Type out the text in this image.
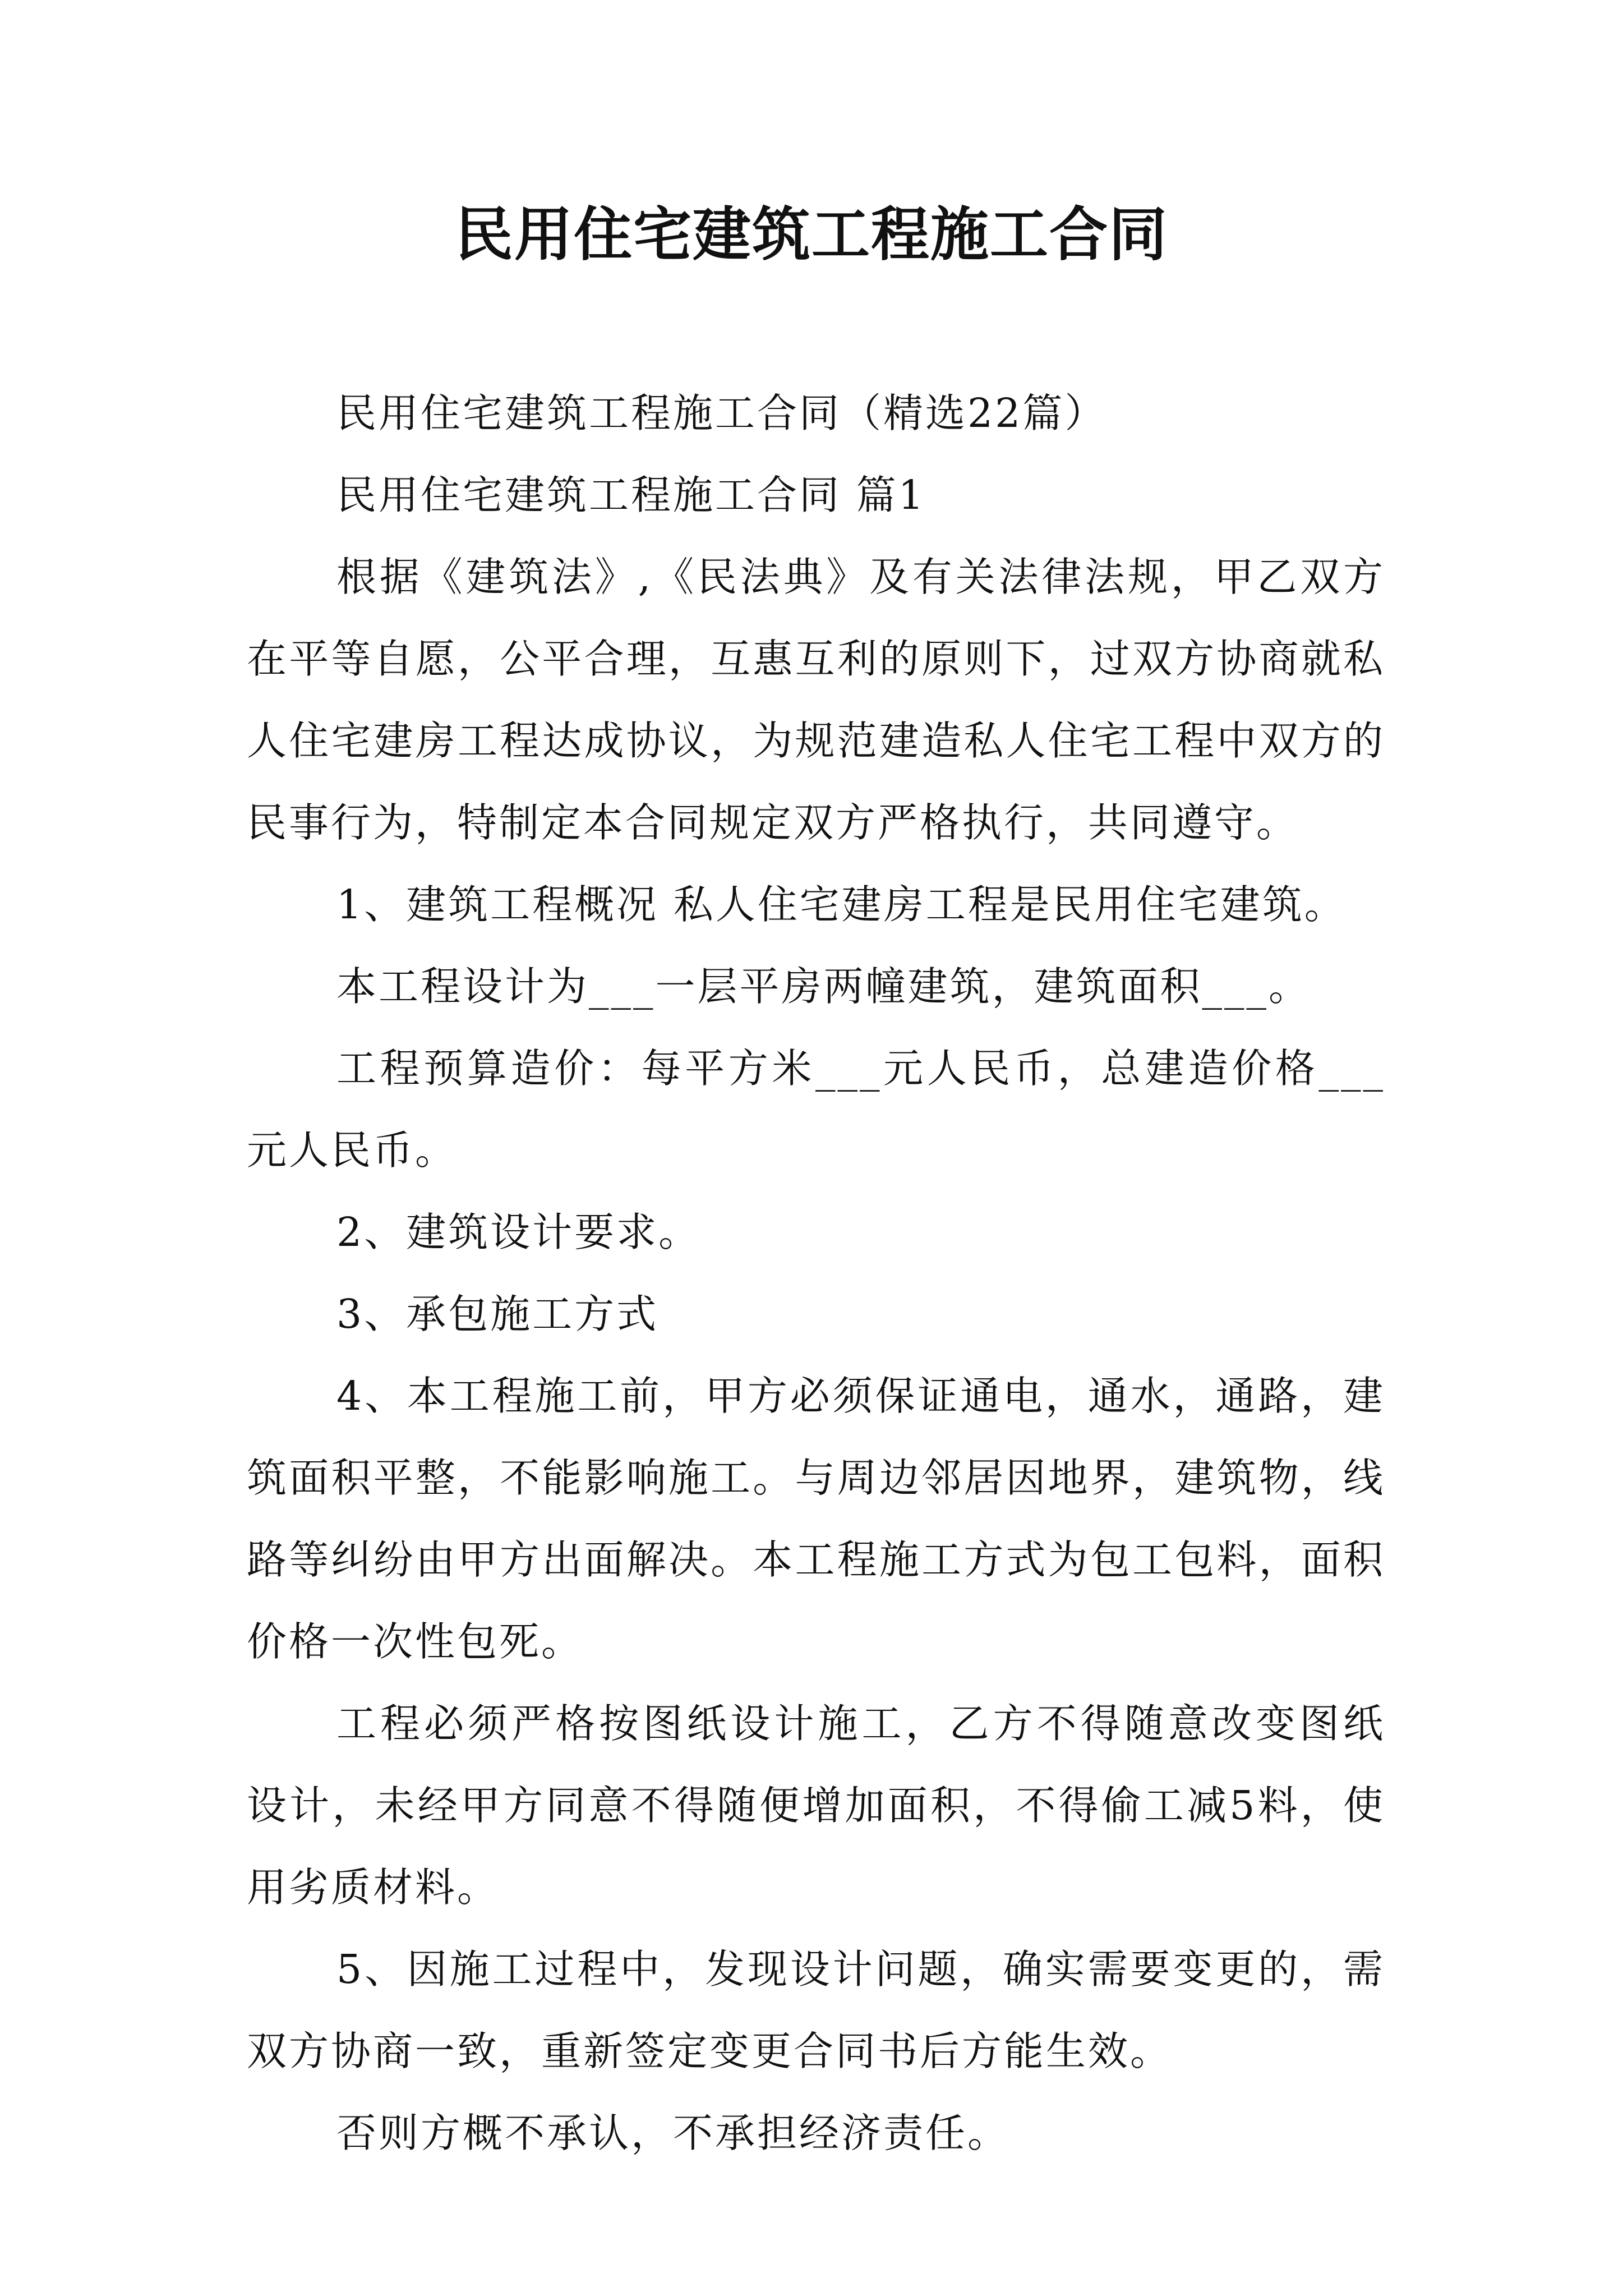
民用住宅建筑工程施工合同

民用住宅建筑工程施工合同（精选22篇）

民用住宅建筑工程施工合同 篇1

根据《建筑法》,《民法典》及有关法律法规，甲乙双方在平等自愿，公平合理，互惠互利的原则下，过双方协商就私人住宅建房工程达成协议，为规范建造私人住宅工程中双方的民事行为，特制定本合同规定双方严格执行，共同遵守。

1、建筑工程概况 私人住宅建房工程是民用住宅建筑。

本工程设计为___一层平房两幢建筑，建筑面积___。

工程预算造价：每平方米___元人民币，总建造价格___元人民币。

2、建筑设计要求。

3、承包施工方式

4、本工程施工前，甲方必须保证通电，通水，通路，建筑面积平整，不能影响施工。与周边邻居因地界，建筑物，线路等纠纷由甲方出面解决。本工程施工方式为包工包料，面积价格一次性包死。

工程必须严格按图纸设计施工，乙方不得随意改变图纸设计，未经甲方同意不得随便增加面积，不得偷工减5料，使用劣质材料。

5、因施工过程中，发现设计问题，确实需要变更的，需双方协商一致，重新签定变更合同书后方能生效。

否则方概不承认，不承担经济责任。
